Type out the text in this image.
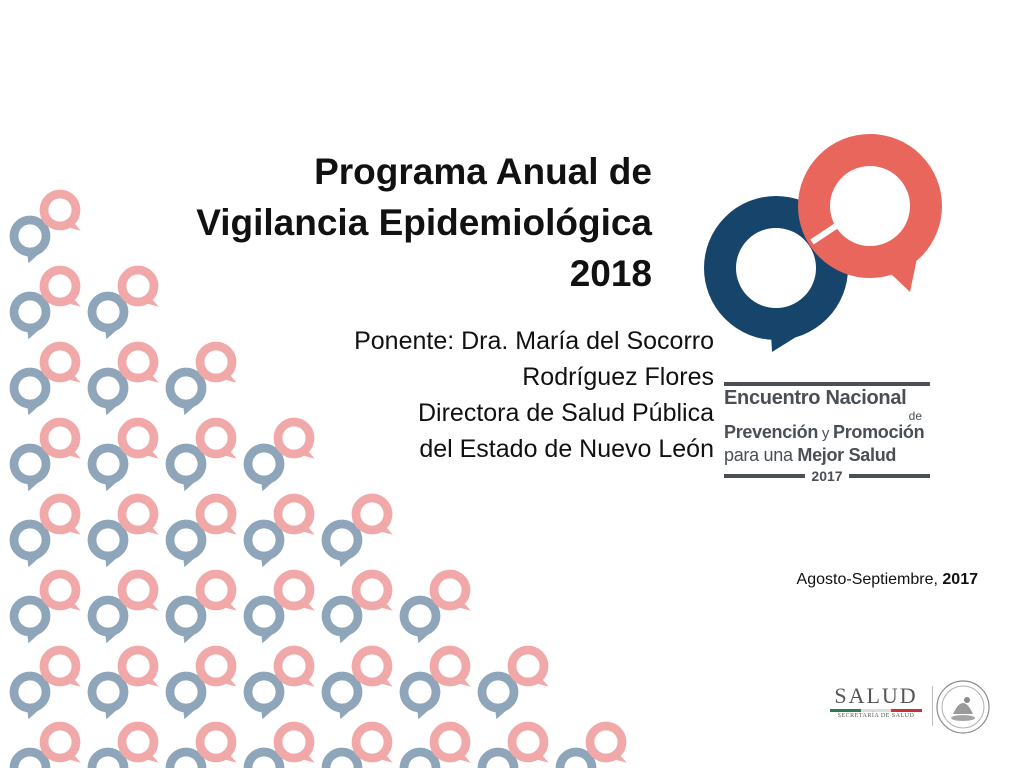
Programa Anual de
Vigilancia Epidemiológica
2018
Ponente: Dra. María del Socorro
Rodríguez Flores
Directora de Salud Pública
del Estado de Nuevo León
Encuentro Nacional
de
Prevención y Promoción
para una Mejor Salud
2017
Agosto-Septiembre, 2017
SALUD
SECRETARÍA DE SALUD
